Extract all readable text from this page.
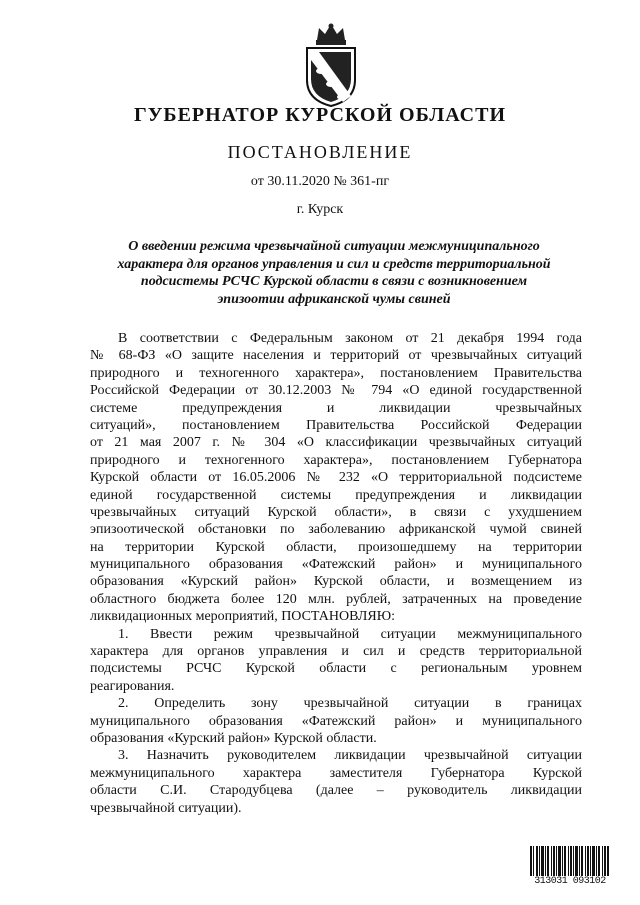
ГУБЕРНАТОР КУРСКОЙ ОБЛАСТИ
ПОСТАНОВЛЕНИЕ
от 30.11.2020 № 361-пг
г. Курск
О введении режима чрезвычайной ситуации межмуниципального
характера для органов управления и сил и средств территориальной
подсистемы РСЧС Курской области в связи с возникновением
эпизоотии африканской чумы свиней
В соответствии с Федеральным законом от 21 декабря 1994 года
№ 68-ФЗ «О защите населения и территорий от чрезвычайных ситуаций
природного и техногенного характера», постановлением Правительства
Российской Федерации от 30.12.2003 № 794 «О единой государственной
системе предупреждения и ликвидации чрезвычайных
ситуаций», постановлением Правительства Российской Федерации
от 21 мая 2007 г. № 304 «О классификации чрезвычайных ситуаций
природного и техногенного характера», постановлением Губернатора
Курской области от 16.05.2006 № 232 «О территориальной подсистеме
единой государственной системы предупреждения и ликвидации
чрезвычайных ситуаций Курской области», в связи с ухудшением
эпизоотической обстановки по заболеванию африканской чумой свиней
на территории Курской области, произошедшему на территории
муниципального образования «Фатежский район» и муниципального
образования «Курский район» Курской области, и возмещением из
областного бюджета более 120 млн. рублей, затраченных на проведение
ликвидационных мероприятий, ПОСТАНОВЛЯЮ:
1. Ввести режим чрезвычайной ситуации межмуниципального
характера для органов управления и сил и средств территориальной
подсистемы РСЧС Курской области с региональным уровнем
реагирования.
2. Определить зону чрезвычайной ситуации в границах
муниципального образования «Фатежский район» и муниципального
образования «Курский район» Курской области.
3. Назначить руководителем ликвидации чрезвычайной ситуации
межмуниципального характера заместителя Губернатора Курской
области С.И. Стародубцева (далее – руководитель ликвидации
чрезвычайной ситуации).
313031 093102
